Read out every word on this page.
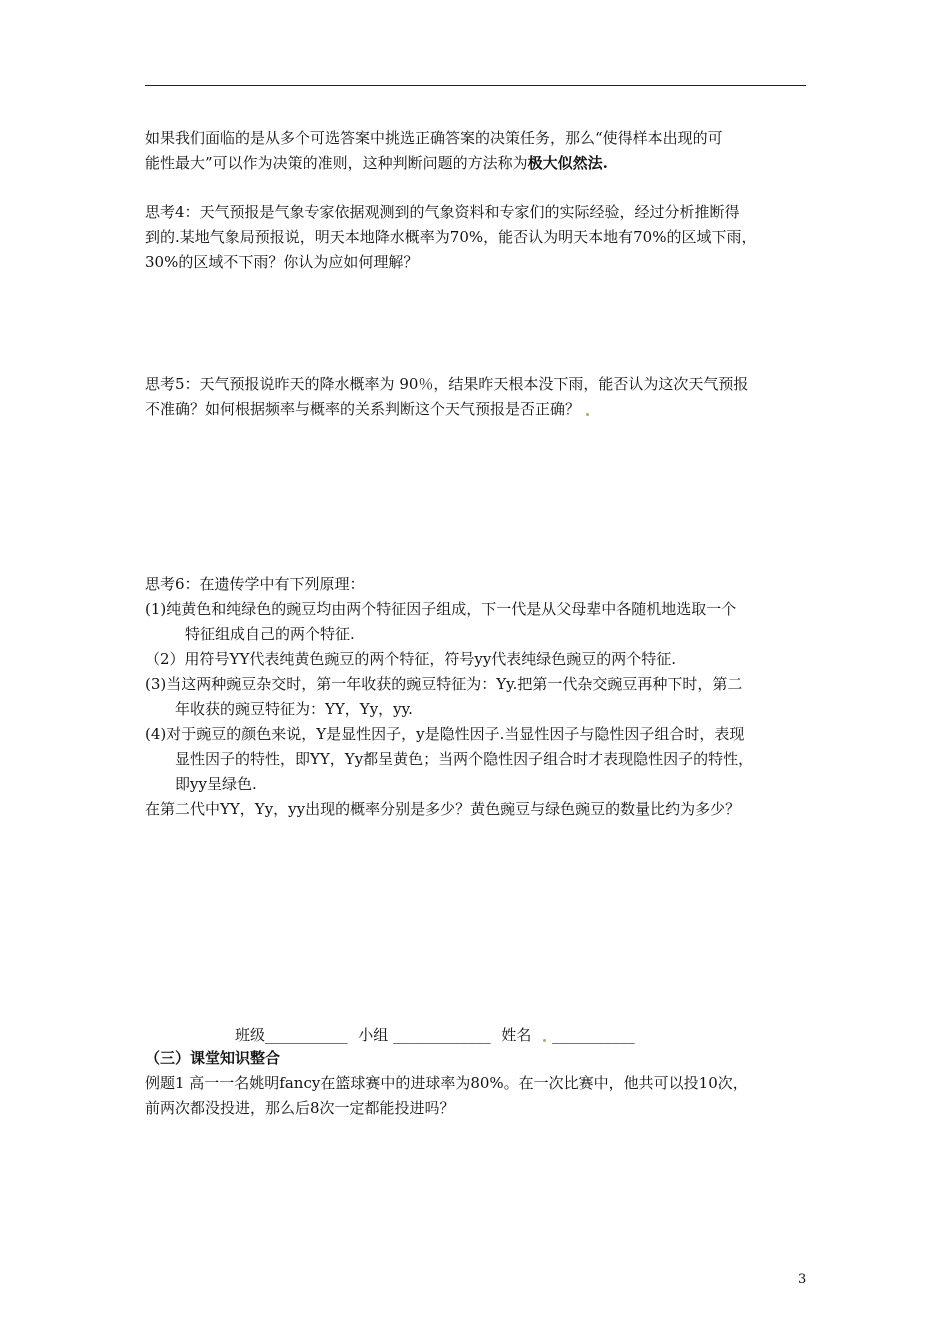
如果我们面临的是从多个可选答案中挑选正确答案的决策任务，那么“使得样本出现的可

能性最大”可以作为决策的准则，这种判断问题的方法称为极大似然法.

思考4：天气预报是气象专家依据观测到的气象资料和专家们的实际经验，经过分析推断得

到的.某地气象局预报说，明天本地降水概率为70%，能否认为明天本地有70%的区域下雨，

30%的区域不下雨？你认为应如何理解？

思考5：天气预报说昨天的降水概率为 90％，结果昨天根本没下雨，能否认为这次天气预报

不准确？如何根据频率与概率的关系判断这个天气预报是否正确？

思考6：在遗传学中有下列原理：

(1)纯黄色和纯绿色的豌豆均由两个特征因子组成，下一代是从父母辈中各随机地选取一个

特征组成自己的两个特征.

（2）用符号YY代表纯黄色豌豆的两个特征，符号yy代表纯绿色豌豆的两个特征.

(3)当这两种豌豆杂交时，第一年收获的豌豆特征为：Yy.把第一代杂交豌豆再种下时，第二

年收获的豌豆特征为：YY，Yy，yy.

(4)对于豌豆的颜色来说，Y是显性因子，y是隐性因子.当显性因子与隐性因子组合时，表现

显性因子的特性，即YY，Yy都呈黄色；当两个隐性因子组合时才表现隐性因子的特性，

即yy呈绿色.

在第二代中YY，Yy，yy出现的概率分别是多少？黄色豌豆与绿色豌豆的数量比约为多少？

班级___________ 小组 _____________ 姓名 ___________

（三）课堂知识整合

例题1 高一一名姚明fancy在篮球赛中的进球率为80%。在一次比赛中，他共可以投10次，

前两次都没投进，那么后8次一定都能投进吗？

3
